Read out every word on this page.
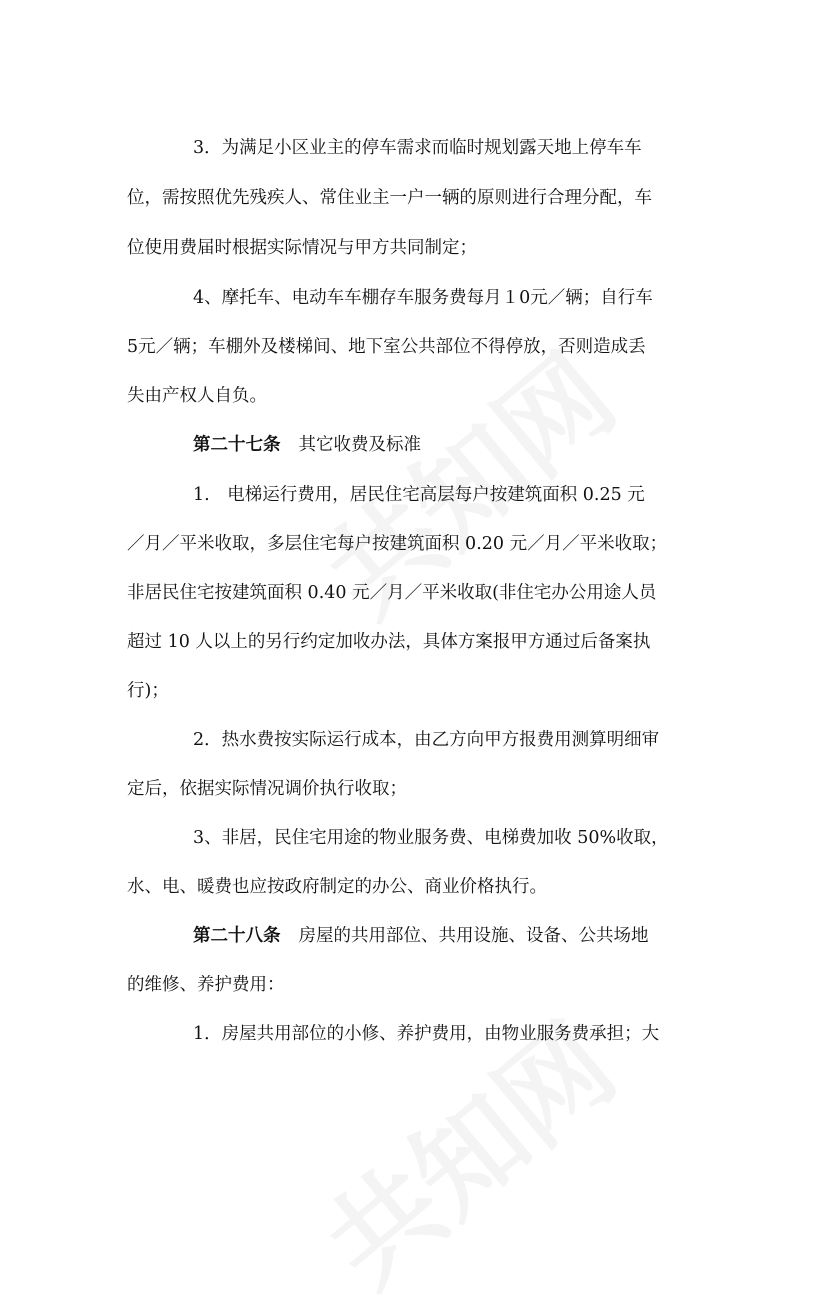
3．为满足小区业主的停车需求而临时规划露天地上停车车
位，需按照优先残疾人、常住业主一户一辆的原则进行合理分配，车
位使用费届时根据实际情况与甲方共同制定；
4、摩托车、电动车车棚存车服务费每月１0元／辆；自行车
5元／辆；车棚外及楼梯间、地下室公共部位不得停放，否则造成丢
失由产权人自负。
第二十七条 其它收费及标准
1.　电梯运行费用，居民住宅高层每户按建筑面积 0.25 元
／月／平米收取，多层住宅每户按建筑面积 0.20 元／月／平米收取；
非居民住宅按建筑面积 0.40 元／月／平米收取(非住宅办公用途人员
超过 10 人以上的另行约定加收办法，具体方案报甲方通过后备案执
行)；
2．热水费按实际运行成本，由乙方向甲方报费用测算明细审
定后，依据实际情况调价执行收取；
3、非居，民住宅用途的物业服务费、电梯费加收 50%收取，
水、电、暖费也应按政府制定的办公、商业价格执行。
第二十八条 房屋的共用部位、共用设施、设备、公共场地
的维修、养护费用：
1．房屋共用部位的小修、养护费用，由物业服务费承担；大
